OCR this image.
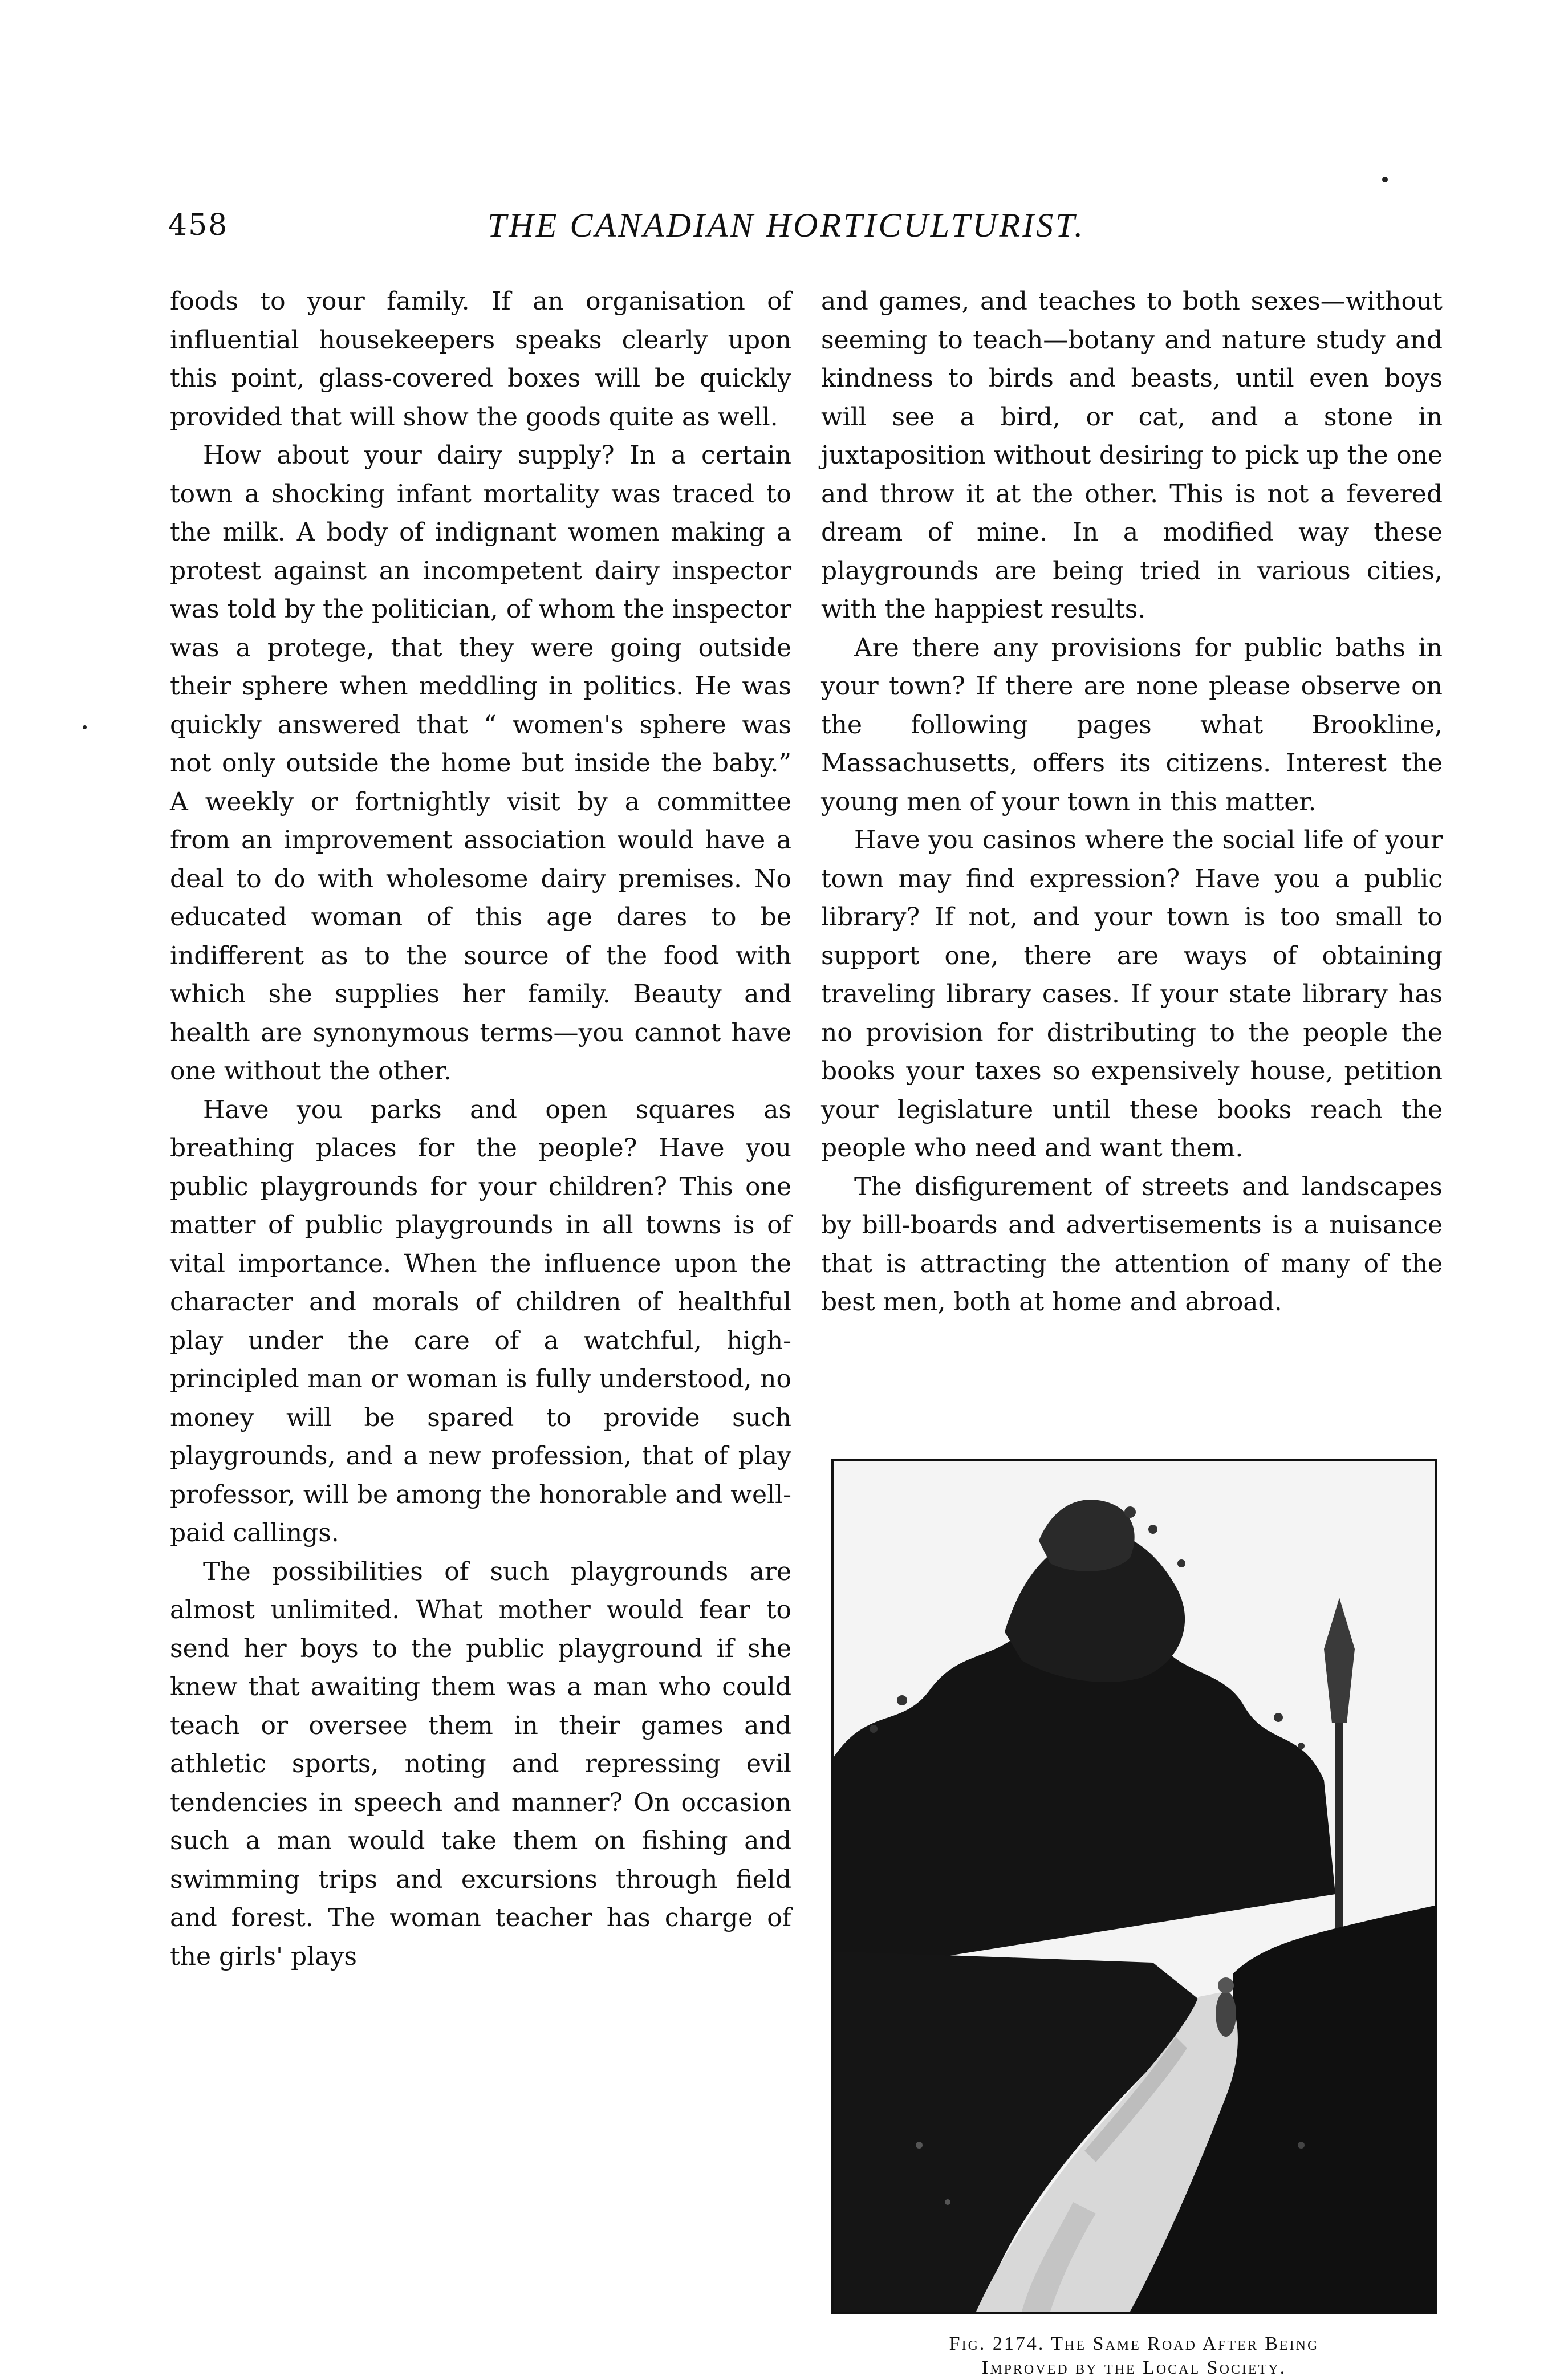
458	THE CANADIAN HORTICULTURIST.

foods to your family. If an organisation of influential housekeepers speaks clearly upon this point, glass-covered boxes will be quickly provided that will show the goods quite as well.

How about your dairy supply? In a certain town a shocking infant mortality was traced to the milk. A body of indignant women making a protest against an incompetent dairy inspector was told by the politician, of whom the inspector was a protege, that they were going outside their sphere when meddling in politics. He was quickly answered that “ women's sphere was not only outside the home but inside the baby.” A weekly or fortnightly visit by a committee from an improvement association would have a deal to do with wholesome dairy premises. No educated woman of this age dares to be indifferent as to the source of the food with which she supplies her family. Beauty and health are synonymous terms—you cannot have one without the other.

Have you parks and open squares as breathing places for the people? Have you public playgrounds for your children? This one matter of public playgrounds in all towns is of vital importance. When the influence upon the character and morals of children of healthful play under the care of a watchful, high-principled man or woman is fully understood, no money will be spared to provide such playgrounds, and a new profession, that of play professor, will be among the honorable and well-paid callings.

The possibilities of such playgrounds are almost unlimited. What mother would fear to send her boys to the public playground if she knew that awaiting them was a man who could teach or oversee them in their games and athletic sports, noting and repressing evil tendencies in speech and manner? On occasion such a man would take them on fishing and swimming trips and excursions through field and forest. The woman teacher has charge of the girls' plays

and games, and teaches to both sexes—without seeming to teach—botany and nature study and kindness to birds and beasts, until even boys will see a bird, or cat, and a stone in juxtaposition without desiring to pick up the one and throw it at the other. This is not a fevered dream of mine. In a modified way these playgrounds are being tried in various cities, with the happiest results.

Are there any provisions for public baths in your town? If there are none please observe on the following pages what Brookline, Massachusetts, offers its citizens. Interest the young men of your town in this matter.

Have you casinos where the social life of your town may find expression? Have you a public library? If not, and your town is too small to support one, there are ways of obtaining traveling library cases. If your state library has no provision for distributing to the people the books your taxes so expensively house, petition your legislature until these books reach the people who need and want them.

The disfigurement of streets and landscapes by bill-boards and advertisements is a nuisance that is attracting the attention of many of the best men, both at home and abroad.

Fig. 2174. The Same Road After Being
Improved by the Local Society.
